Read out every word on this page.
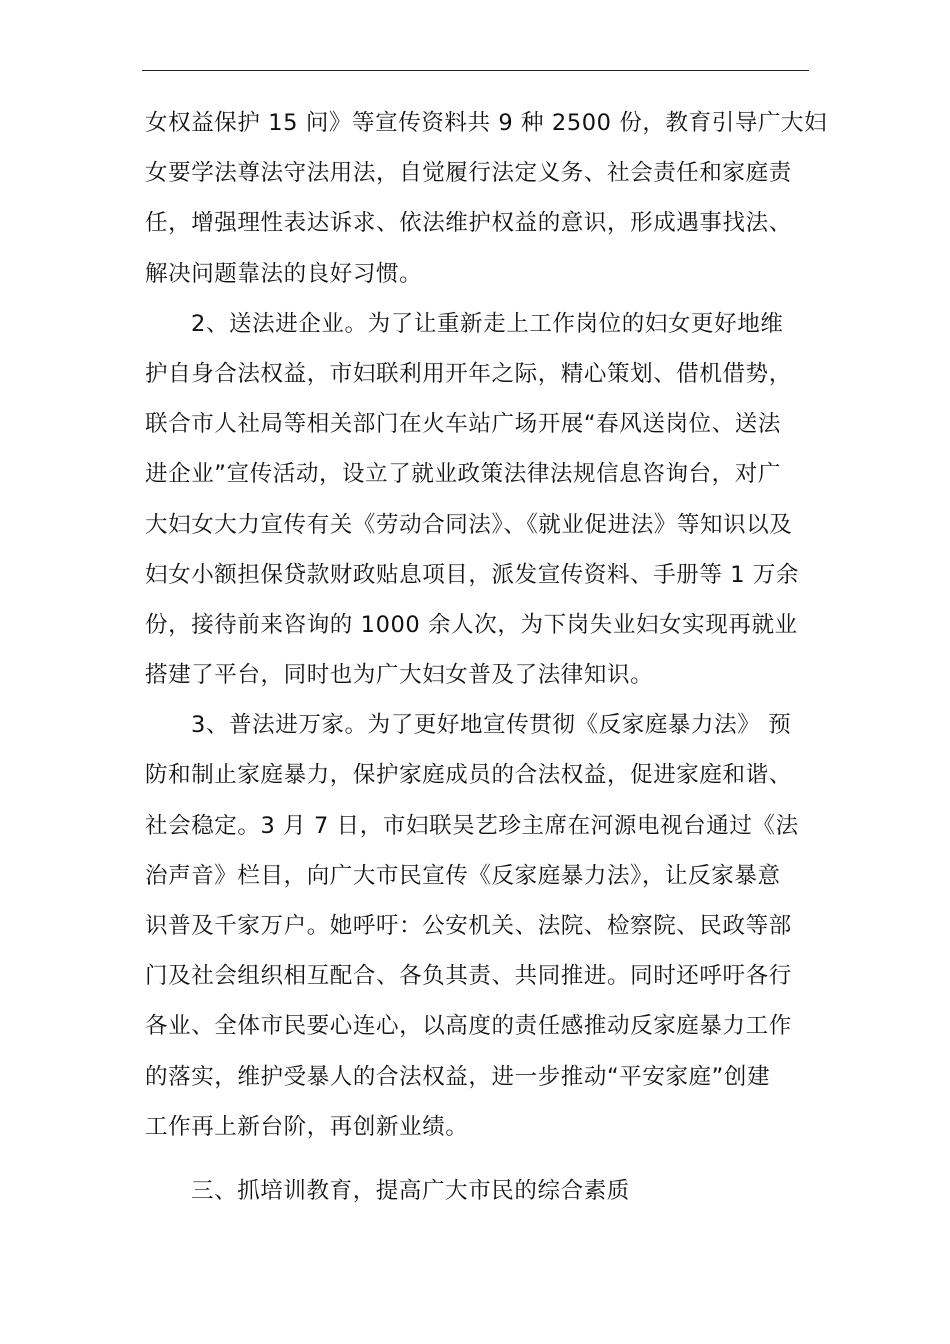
女权益保护 15 问》等宣传资料共 9 种 2500 份，教育引导广大妇
女要学法尊法守法用法，自觉履行法定义务、社会责任和家庭责
任，增强理性表达诉求、依法维护权益的意识，形成遇事找法、
解决问题靠法的良好习惯。
2、送法进企业。为了让重新走上工作岗位的妇女更好地维
护自身合法权益，市妇联利用开年之际，精心策划、借机借势，
联合市人社局等相关部门在火车站广场开展“春风送岗位、送法
进企业”宣传活动，设立了就业政策法律法规信息咨询台，对广
大妇女大力宣传有关《劳动合同法》、《就业促进法》等知识以及
妇女小额担保贷款财政贴息项目，派发宣传资料、手册等 1 万余
份，接待前来咨询的 1000 余人次，为下岗失业妇女实现再就业
搭建了平台，同时也为广大妇女普及了法律知识。
3、普法进万家。为了更好地宣传贯彻《反家庭暴力法》 预
防和制止家庭暴力，保护家庭成员的合法权益，促进家庭和谐、
社会稳定。3 月 7 日，市妇联吴艺珍主席在河源电视台通过《法
治声音》栏目，向广大市民宣传《反家庭暴力法》，让反家暴意
识普及千家万户。她呼吁：公安机关、法院、检察院、民政等部
门及社会组织相互配合、各负其责、共同推进。同时还呼吁各行
各业、全体市民要心连心，以高度的责任感推动反家庭暴力工作
的落实，维护受暴人的合法权益，进一步推动“平安家庭”创建
工作再上新台阶，再创新业绩。
三、抓培训教育，提高广大市民的综合素质
